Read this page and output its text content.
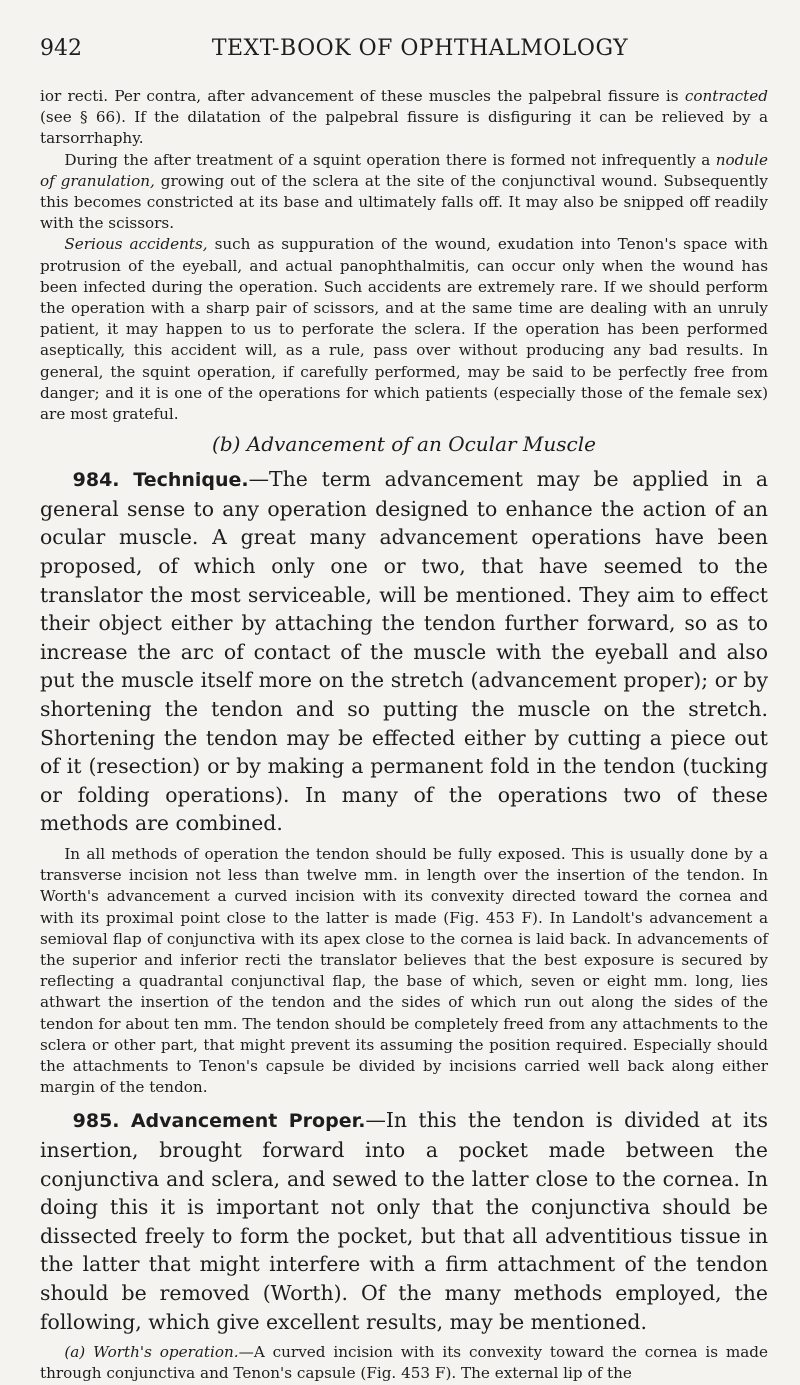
942	TEXT-BOOK OF OPHTHALMOLOGY

ior recti. Per contra, after advancement of these muscles the palpebral fissure is contracted (see § 66). If the dilatation of the palpebral fissure is disfiguring it can be relieved by a tarsorrhaphy.

During the after treatment of a squint operation there is formed not infrequently a nodule of granulation, growing out of the sclera at the site of the conjunctival wound. Subsequently this becomes constricted at its base and ultimately falls off. It may also be snipped off readily with the scissors.

Serious accidents, such as suppuration of the wound, exudation into Tenon's space with protrusion of the eyeball, and actual panophthalmitis, can occur only when the wound has been infected during the operation. Such accidents are extremely rare. If we should perform the operation with a sharp pair of scissors, and at the same time are dealing with an unruly patient, it may happen to us to perforate the sclera. If the operation has been performed aseptically, this accident will, as a rule, pass over without producing any bad results. In general, the squint operation, if carefully performed, may be said to be perfectly free from danger; and it is one of the operations for which patients (especially those of the female sex) are most grateful.

(b) Advancement of an Ocular Muscle

984. Technique.—The term advancement may be applied in a general sense to any operation designed to enhance the action of an ocular muscle. A great many advancement operations have been proposed, of which only one or two, that have seemed to the translator the most serviceable, will be mentioned. They aim to effect their object either by attaching the tendon further forward, so as to increase the arc of contact of the muscle with the eyeball and also put the muscle itself more on the stretch (advancement proper); or by shortening the tendon and so putting the muscle on the stretch. Shortening the tendon may be effected either by cutting a piece out of it (resection) or by making a permanent fold in the tendon (tucking or folding operations). In many of the operations two of these methods are combined.

In all methods of operation the tendon should be fully exposed. This is usually done by a transverse incision not less than twelve mm. in length over the insertion of the tendon. In Worth's advancement a curved incision with its convexity directed toward the cornea and with its proximal point close to the latter is made (Fig. 453 F). In Landolt's advancement a semioval flap of conjunctiva with its apex close to the cornea is laid back. In advancements of the superior and inferior recti the translator believes that the best exposure is secured by reflecting a quadrantal conjunctival flap, the base of which, seven or eight mm. long, lies athwart the insertion of the tendon and the sides of which run out along the sides of the tendon for about ten mm. The tendon should be completely freed from any attachments to the sclera or other part, that might prevent its assuming the position required. Especially should the attachments to Tenon's capsule be divided by incisions carried well back along either margin of the tendon.

985. Advancement Proper.—In this the tendon is divided at its insertion, brought forward into a pocket made between the conjunctiva and sclera, and sewed to the latter close to the cornea. In doing this it is important not only that the conjunctiva should be dissected freely to form the pocket, but that all adventitious tissue in the latter that might interfere with a firm attachment of the tendon should be removed (Worth). Of the many methods employed, the following, which give excellent results, may be mentioned.

(a) Worth's operation.—A curved incision with its convexity toward the cornea is made through conjunctiva and Tenon's capsule (Fig. 453 F). The external lip of the
